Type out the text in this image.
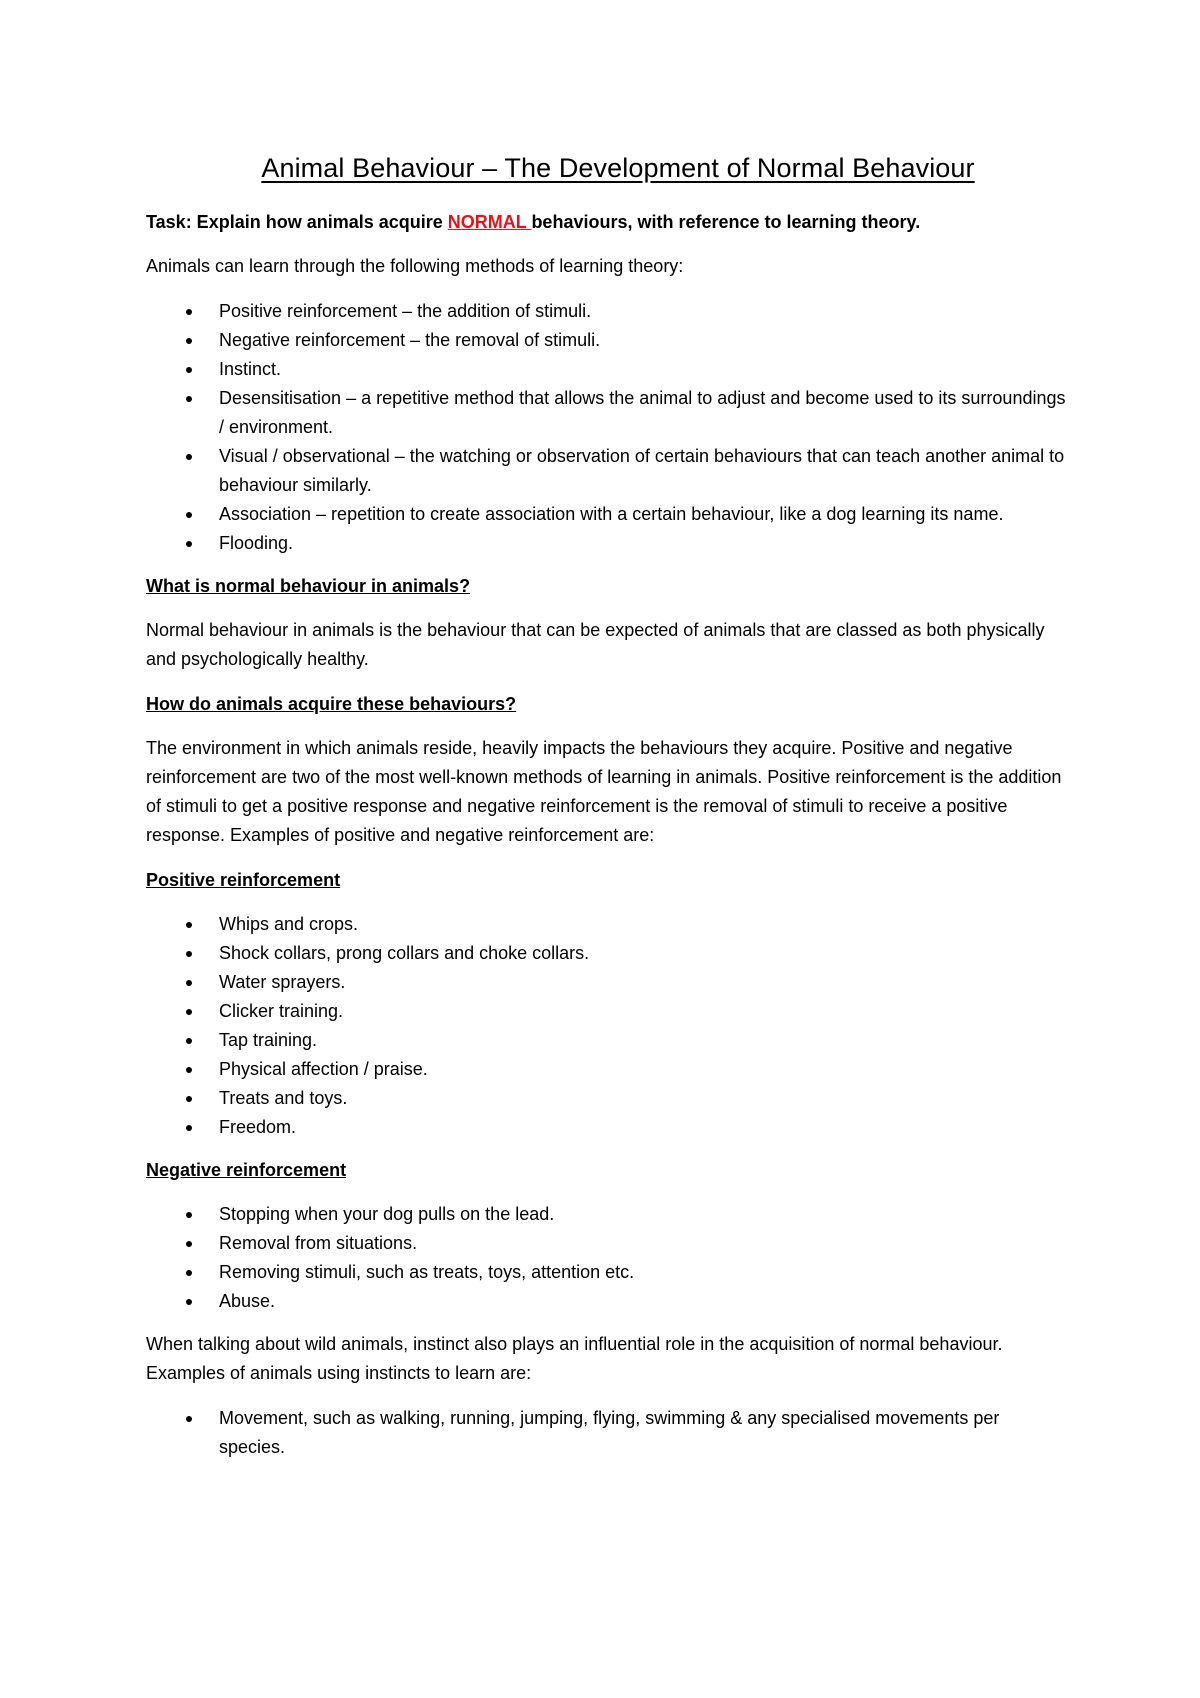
Animal Behaviour – The Development of Normal Behaviour
Task: Explain how animals acquire NORMAL behaviours, with reference to learning theory.
Animals can learn through the following methods of learning theory:
Positive reinforcement – the addition of stimuli.
Negative reinforcement – the removal of stimuli.
Instinct.
Desensitisation – a repetitive method that allows the animal to adjust and become used to its surroundings / environment.
Visual / observational – the watching or observation of certain behaviours that can teach another animal to behaviour similarly.
Association – repetition to create association with a certain behaviour, like a dog learning its name.
Flooding.
What is normal behaviour in animals?
Normal behaviour in animals is the behaviour that can be expected of animals that are classed as both physically and psychologically healthy.
How do animals acquire these behaviours?
The environment in which animals reside, heavily impacts the behaviours they acquire. Positive and negative reinforcement are two of the most well-known methods of learning in animals. Positive reinforcement is the addition of stimuli to get a positive response and negative reinforcement is the removal of stimuli to receive a positive response. Examples of positive and negative reinforcement are:
Positive reinforcement
Whips and crops.
Shock collars, prong collars and choke collars.
Water sprayers.
Clicker training.
Tap training.
Physical affection / praise.
Treats and toys.
Freedom.
Negative reinforcement
Stopping when your dog pulls on the lead.
Removal from situations.
Removing stimuli, such as treats, toys, attention etc.
Abuse.
When talking about wild animals, instinct also plays an influential role in the acquisition of normal behaviour. Examples of animals using instincts to learn are:
Movement, such as walking, running, jumping, flying, swimming & any specialised movements per species.
